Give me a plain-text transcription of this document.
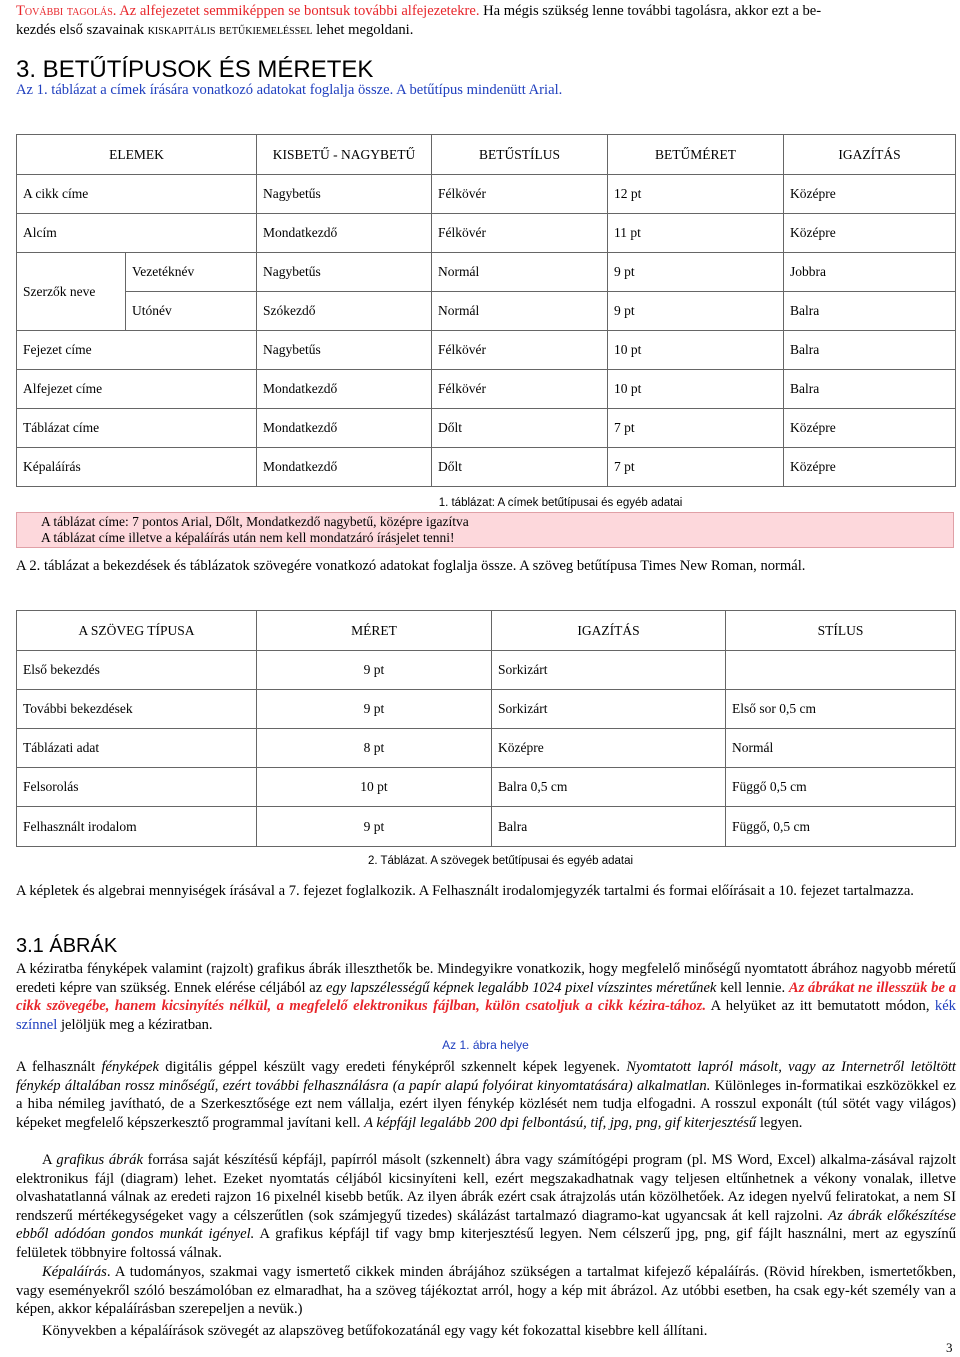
További tagolás. Az alfejezetet semmiképpen se bontsuk további alfejezetekre. Ha mégis szükség lenne további tagolásra, akkor ezt a be-

kezdés első szavainak kiskapitális betűkiemeléssel lehet megoldani.

3. BETŰTÍPUSOK ÉS MÉRETEK

Az 1. táblázat a címek írására vonatkozó adatokat foglalja össze. A betűtípus mindenütt Arial.

ELEMEK		KISBETŰ - NAGYBETŰ	BETŰSTÍLUS	BETŰMÉRET	IGAZÍTÁS
A cikk címe		Nagybetűs	Félkövér	12 pt	Középre
Alcím		Mondatkezdő	Félkövér	11 pt	Középre
Szerzők neve	Vezetéknév	Nagybetűs	Normál	9 pt	Jobbra
	Utónév	Szókezdő	Normál	9 pt	Balra
Fejezet címe		Nagybetűs	Félkövér	10 pt	Balra
Alfejezet címe		Mondatkezdő	Félkövér	10 pt	Balra
Táblázat címe		Mondatkezdő	Dőlt	7 pt	Középre
Képaláírás		Mondatkezdő	Dőlt	7 pt	Középre
1. táblázat: A címek betűtípusai és egyéb adatai

A táblázat címe: 7 pontos Arial, Dőlt, Mondatkezdő nagybetű, középre igazítva

A táblázat címe illetve a képaláírás után nem kell mondatzáró írásjelet tenni!

A 2. táblázat a bekezdések és táblázatok szövegére vonatkozó adatokat foglalja össze. A szöveg betűtípusa Times New Roman, normál.

A SZÖVEG TÍPUSA	MÉRET	IGAZÍTÁS	STÍLUS
Első bekezdés	9 pt	Sorkizárt	
További bekezdések	9 pt	Sorkizárt	Első sor 0,5 cm
Táblázati adat	8 pt	Középre	Normál
Felsorolás	10 pt	Balra 0,5 cm	Függő 0,5 cm
Felhasznált irodalom	9 pt	Balra	Függő, 0,5 cm
2. Táblázat. A szövegek betűtípusai és egyéb adatai

A képletek és algebrai mennyiségek írásával a 7. fejezet foglalkozik. A Felhasznált irodalomjegyzék tartalmi és formai előírásait a 10. fejezet tartalmazza.

3.1 ÁBRÁK

A kéziratba fényképek valamint (rajzolt) grafikus ábrák illeszthetők be. Mindegyikre vonatkozik, hogy megfelelő minőségű nyomtatott ábrához nagyobb méretű eredeti képre van szükség. Ennek elérése céljából az egy lapszélességű képnek legalább 1024 pixel vízszintes méretűnek kell lennie. Az ábrákat ne illesszük be a cikk szövegébe, hanem kicsinyítés nélkül, a megfelelő elektronikus fájlban, külön csatoljuk a cikk kézira-tához. A helyüket az itt bemutatott módon, kék színnel jelöljük meg a kéziratban.

Az 1. ábra helye

A felhasznált fényképek digitális géppel készült vagy eredeti fényképről szkennelt képek legyenek. Nyomtatott lapról másolt, vagy az Internetről letöltött fénykép általában rossz minőségű, ezért további felhasználásra (a papír alapú folyóirat kinyomtatására) alkalmatlan. Különleges in-formatikai eszközökkel ez a hiba némileg javítható, de a Szerkesztősége ezt nem vállalja, ezért ilyen fénykép közlését nem tudja elfogadni. A rosszul exponált (túl sötét vagy világos) képeket megfelelő képszerkesztő programmal javítani kell. A képfájl legalább 200 dpi felbontású, tif, jpg, png, gif kiterjesztésű legyen.

A grafikus ábrák forrása saját készítésű képfájl, papírról másolt (szkennelt) ábra vagy számítógépi program (pl. MS Word, Excel) alkalma-zásával rajzolt elektronikus fájl (diagram) lehet. Ezeket nyomtatás céljából kicsinyíteni kell, ezért megszakadhatnak vagy teljesen eltűnhetnek a vékony vonalak, illetve olvashatatlanná válnak az eredeti rajzon 16 pixelnél kisebb betűk. Az ilyen ábrák ezért csak átrajzolás után közölhetőek. Az idegen nyelvű feliratokat, a nem SI rendszerű mértékegységeket vagy a célszerűtlen (sok számjegyű tizedes) skálázást tartalmazó diagramo-kat ugyancsak át kell rajzolni. Az ábrák előkészítése ebből adódóan gondos munkát igényel. A grafikus képfájl tif vagy bmp kiterjesztésű legyen. Nem célszerű jpg, png, gif fájlt használni, mert az egyszínű felületek többnyire foltossá válnak.

Képaláírás. A tudományos, szakmai vagy ismertető cikkek minden ábrájához szükségen a tartalmat kifejező képaláírás. (Rövid hírekben, ismertetőkben, vagy eseményekről szóló beszámolóban ez elmaradhat, ha a szöveg tájékoztat arról, hogy a kép mit ábrázol. Az utóbbi esetben, ha csak egy-két személy van a képen, akkor képaláírásban szerepeljen a nevük.)

Könyvekben a képaláírások szövegét az alapszöveg betűfokozatánál egy vagy két fokozattal kisebbre kell állítani.

3
